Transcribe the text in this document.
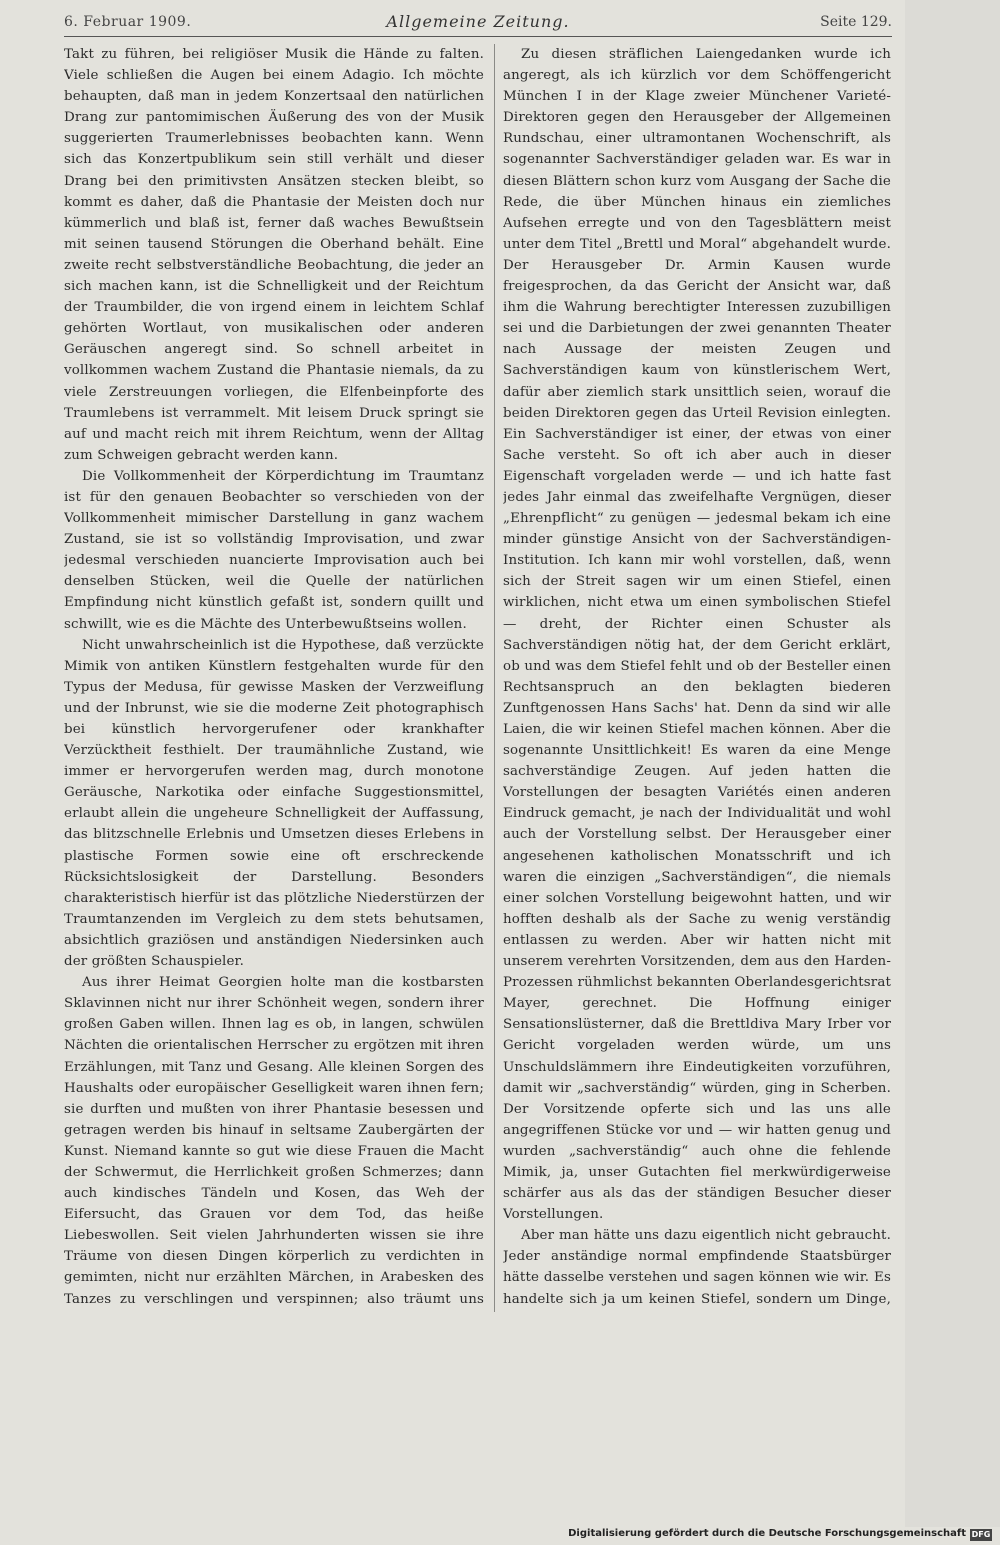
6. Februar 1909.	Allgemeine Zeitung.	Seite 129.

Takt zu führen, bei religiöser Musik die Hände zu falten. Viele schließen die Augen bei einem Adagio. Ich möchte behaupten, daß man in jedem Konzertsaal den natürlichen Drang zur pantomimischen Äußerung des von der Musik suggerierten Traumerlebnisses beobachten kann. Wenn sich das Konzertpublikum sein still verhält und dieser Drang bei den primitivsten Ansätzen stecken bleibt, so kommt es daher, daß die Phantasie der Meisten doch nur kümmerlich und blaß ist, ferner daß waches Bewußtsein mit seinen tausend Störungen die Oberhand behält. Eine zweite recht selbstverständliche Beobachtung, die jeder an sich machen kann, ist die Schnelligkeit und der Reichtum der Traumbilder, die von irgend einem in leichtem Schlaf gehörten Wortlaut, von musikalischen oder anderen Geräuschen angeregt sind. So schnell arbeitet in vollkommen wachem Zustand die Phantasie niemals, da zu viele Zerstreuungen vorliegen, die Elfenbeinpforte des Traumlebens ist verrammelt. Mit leisem Druck springt sie auf und macht reich mit ihrem Reichtum, wenn der Alltag zum Schweigen gebracht werden kann.

Die Vollkommenheit der Körperdichtung im Traumtanz ist für den genauen Beobachter so verschieden von der Vollkommenheit mimischer Darstellung in ganz wachem Zustand, sie ist so vollständig Improvisation, und zwar jedesmal verschieden nuancierte Improvisation auch bei denselben Stücken, weil die Quelle der natürlichen Empfindung nicht künstlich gefaßt ist, sondern quillt und schwillt, wie es die Mächte des Unterbewußtseins wollen.

Nicht unwahrscheinlich ist die Hypothese, daß verzückte Mimik von antiken Künstlern festgehalten wurde für den Typus der Medusa, für gewisse Masken der Verzweiflung und der Inbrunst, wie sie die moderne Zeit photographisch bei künstlich hervorgerufener oder krankhafter Verzücktheit festhielt. Der traumähnliche Zustand, wie immer er hervorgerufen werden mag, durch monotone Geräusche, Narkotika oder einfache Suggestionsmittel, erlaubt allein die ungeheure Schnelligkeit der Auffassung, das blitzschnelle Erlebnis und Umsetzen dieses Erlebens in plastische Formen sowie eine oft erschreckende Rücksichtslosigkeit der Darstellung. Besonders charakteristisch hierfür ist das plötzliche Niederstürzen der Traumtanzenden im Vergleich zu dem stets behutsamen, absichtlich graziösen und anständigen Niedersinken auch der größten Schauspieler.

Aus ihrer Heimat Georgien holte man die kostbarsten Sklavinnen nicht nur ihrer Schönheit wegen, sondern ihrer großen Gaben willen. Ihnen lag es ob, in langen, schwülen Nächten die orientalischen Herrscher zu ergötzen mit ihren Erzählungen, mit Tanz und Gesang. Alle kleinen Sorgen des Haushalts oder europäischer Geselligkeit waren ihnen fern; sie durften und mußten von ihrer Phantasie besessen und getragen werden bis hinauf in seltsame Zaubergärten der Kunst. Niemand kannte so gut wie diese Frauen die Macht der Schwermut, die Herrlichkeit großen Schmerzes; dann auch kindisches Tändeln und Kosen, das Weh der Eifersucht, das Grauen vor dem Tod, das heiße Liebeswollen. Seit vielen Jahrhunderten wissen sie ihre Träume von diesen Dingen körperlich zu verdichten in gemimten, nicht nur erzählten Märchen, in Arabesken des Tanzes zu verschlingen und verspinnen; also träumt uns

Zu diesen sträflichen Laiengedanken wurde ich angeregt, als ich kürzlich vor dem Schöffengericht München I in der Klage zweier Münchener Varieté-Direktoren gegen den Herausgeber der Allgemeinen Rundschau, einer ultramontanen Wochenschrift, als sogenannter Sachverständiger geladen war. Es war in diesen Blättern schon kurz vom Ausgang der Sache die Rede, die über München hinaus ein ziemliches Aufsehen erregte und von den Tagesblättern meist unter dem Titel „Brettl und Moral“ abgehandelt wurde. Der Herausgeber Dr. Armin Kausen wurde freigesprochen, da das Gericht der Ansicht war, daß ihm die Wahrung berechtigter Interessen zuzubilligen sei und die Darbietungen der zwei genannten Theater nach Aussage der meisten Zeugen und Sachverständigen kaum von künstlerischem Wert, dafür aber ziemlich stark unsittlich seien, worauf die beiden Direktoren gegen das Urteil Revision einlegten. Ein Sachverständiger ist einer, der etwas von einer Sache versteht. So oft ich aber auch in dieser Eigenschaft vorgeladen werde — und ich hatte fast jedes Jahr einmal das zweifelhafte Vergnügen, dieser „Ehrenpflicht“ zu genügen — jedesmal bekam ich eine minder günstige Ansicht von der Sachverständigen-Institution. Ich kann mir wohl vorstellen, daß, wenn sich der Streit sagen wir um einen Stiefel, einen wirklichen, nicht etwa um einen symbolischen Stiefel — dreht, der Richter einen Schuster als Sachverständigen nötig hat, der dem Gericht erklärt, ob und was dem Stiefel fehlt und ob der Besteller einen Rechtsanspruch an den beklagten biederen Zunftgenossen Hans Sachs' hat. Denn da sind wir alle Laien, die wir keinen Stiefel machen können. Aber die sogenannte Unsittlichkeit! Es waren da eine Menge sachverständige Zeugen. Auf jeden hatten die Vorstellungen der besagten Variétés einen anderen Eindruck gemacht, je nach der Individualität und wohl auch der Vorstellung selbst. Der Herausgeber einer angesehenen katholischen Monatsschrift und ich waren die einzigen „Sachverständigen“, die niemals einer solchen Vorstellung beigewohnt hatten, und wir hofften deshalb als der Sache zu wenig verständig entlassen zu werden. Aber wir hatten nicht mit unserem verehrten Vorsitzenden, dem aus den Harden-Prozessen rühmlichst bekannten Oberlandesgerichtsrat Mayer, gerechnet. Die Hoffnung einiger Sensationslüsterner, daß die Brettldiva Mary Irber vor Gericht vorgeladen werden würde, um uns Unschuldslämmern ihre Eindeutigkeiten vorzuführen, damit wir „sachverständig“ würden, ging in Scherben. Der Vorsitzende opferte sich und las uns alle angegriffenen Stücke vor und — wir hatten genug und wurden „sachverständig“ auch ohne die fehlende Mimik, ja, unser Gutachten fiel merkwürdigerweise schärfer aus als das der ständigen Besucher dieser Vorstellungen.

Aber man hätte uns dazu eigentlich nicht gebraucht. Jeder anständige normal empfindende Staatsbürger hätte dasselbe verstehen und sagen können wie wir. Es handelte sich ja um keinen Stiefel, sondern um Dinge,

Digitalisierung gefördert durch die Deutsche Forschungsgemeinschaft DFG
